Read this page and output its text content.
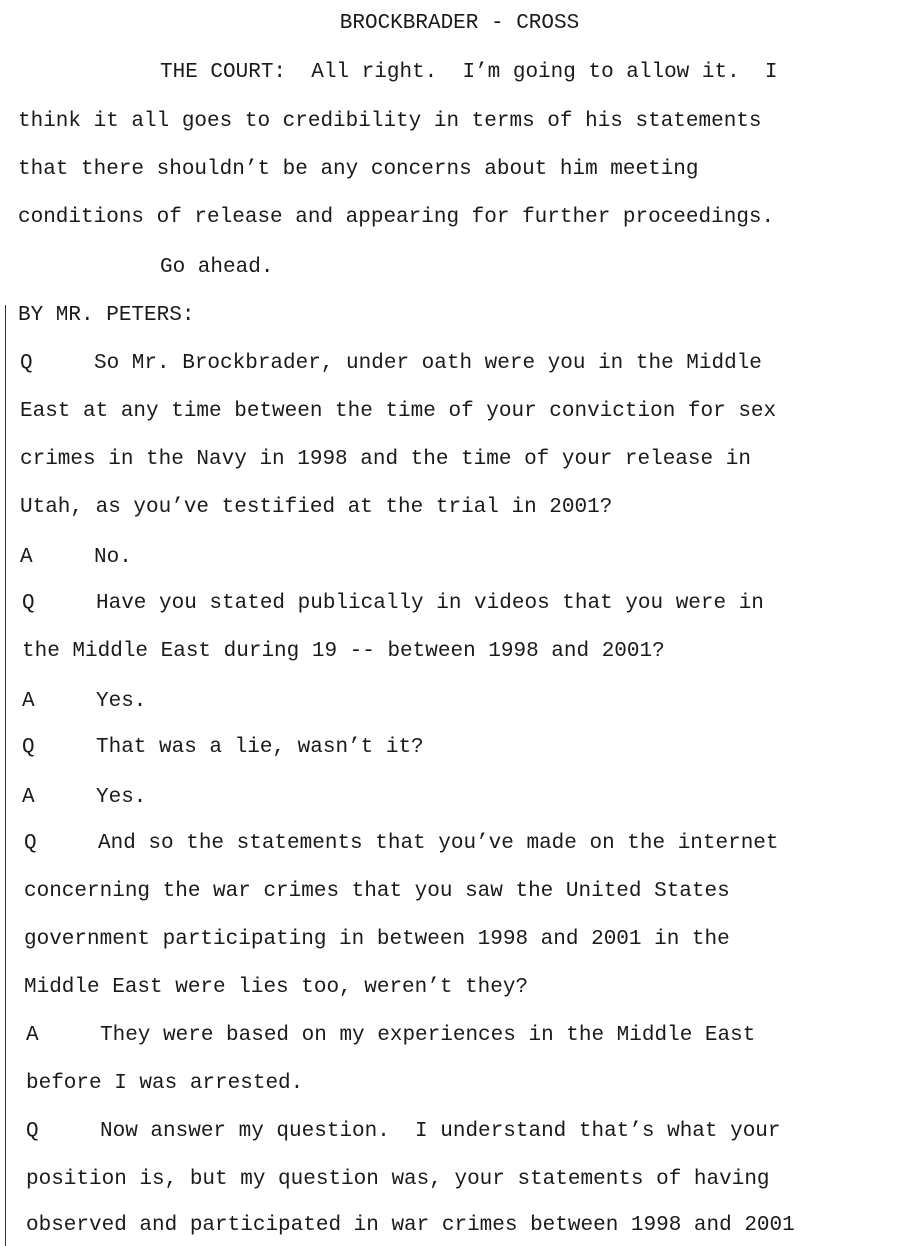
BROCKBRADER - CROSS
THE COURT:  All right.  I’m going to allow it.  I
think it all goes to credibility in terms of his statements
that there shouldn’t be any concerns about him meeting
conditions of release and appearing for further proceedings.
Go ahead.
BY MR. PETERS:

Q

	So Mr. Brockbrader, under oath were you in the Middle

East at any time between the time of your conviction for sex
crimes in the Navy in 1998 and the time of your release in
Utah, as you’ve testified at the trial in 2001?

A

	No.

Q

	Have you stated publically in videos that you were in

the Middle East during 19 -- between 1998 and 2001?

A

	Yes.

Q

	That was a lie, wasn’t it?

A

	Yes.

Q

	And so the statements that you’ve made on the internet

concerning the war crimes that you saw the United States
government participating in between 1998 and 2001 in the
Middle East were lies too, weren’t they?

A

	They were based on my experiences in the Middle East

before I was arrested.

Q

	Now answer my question.  I understand that’s what your

position is, but my question was, your statements of having
observed and participated in war crimes between 1998 and 2001
